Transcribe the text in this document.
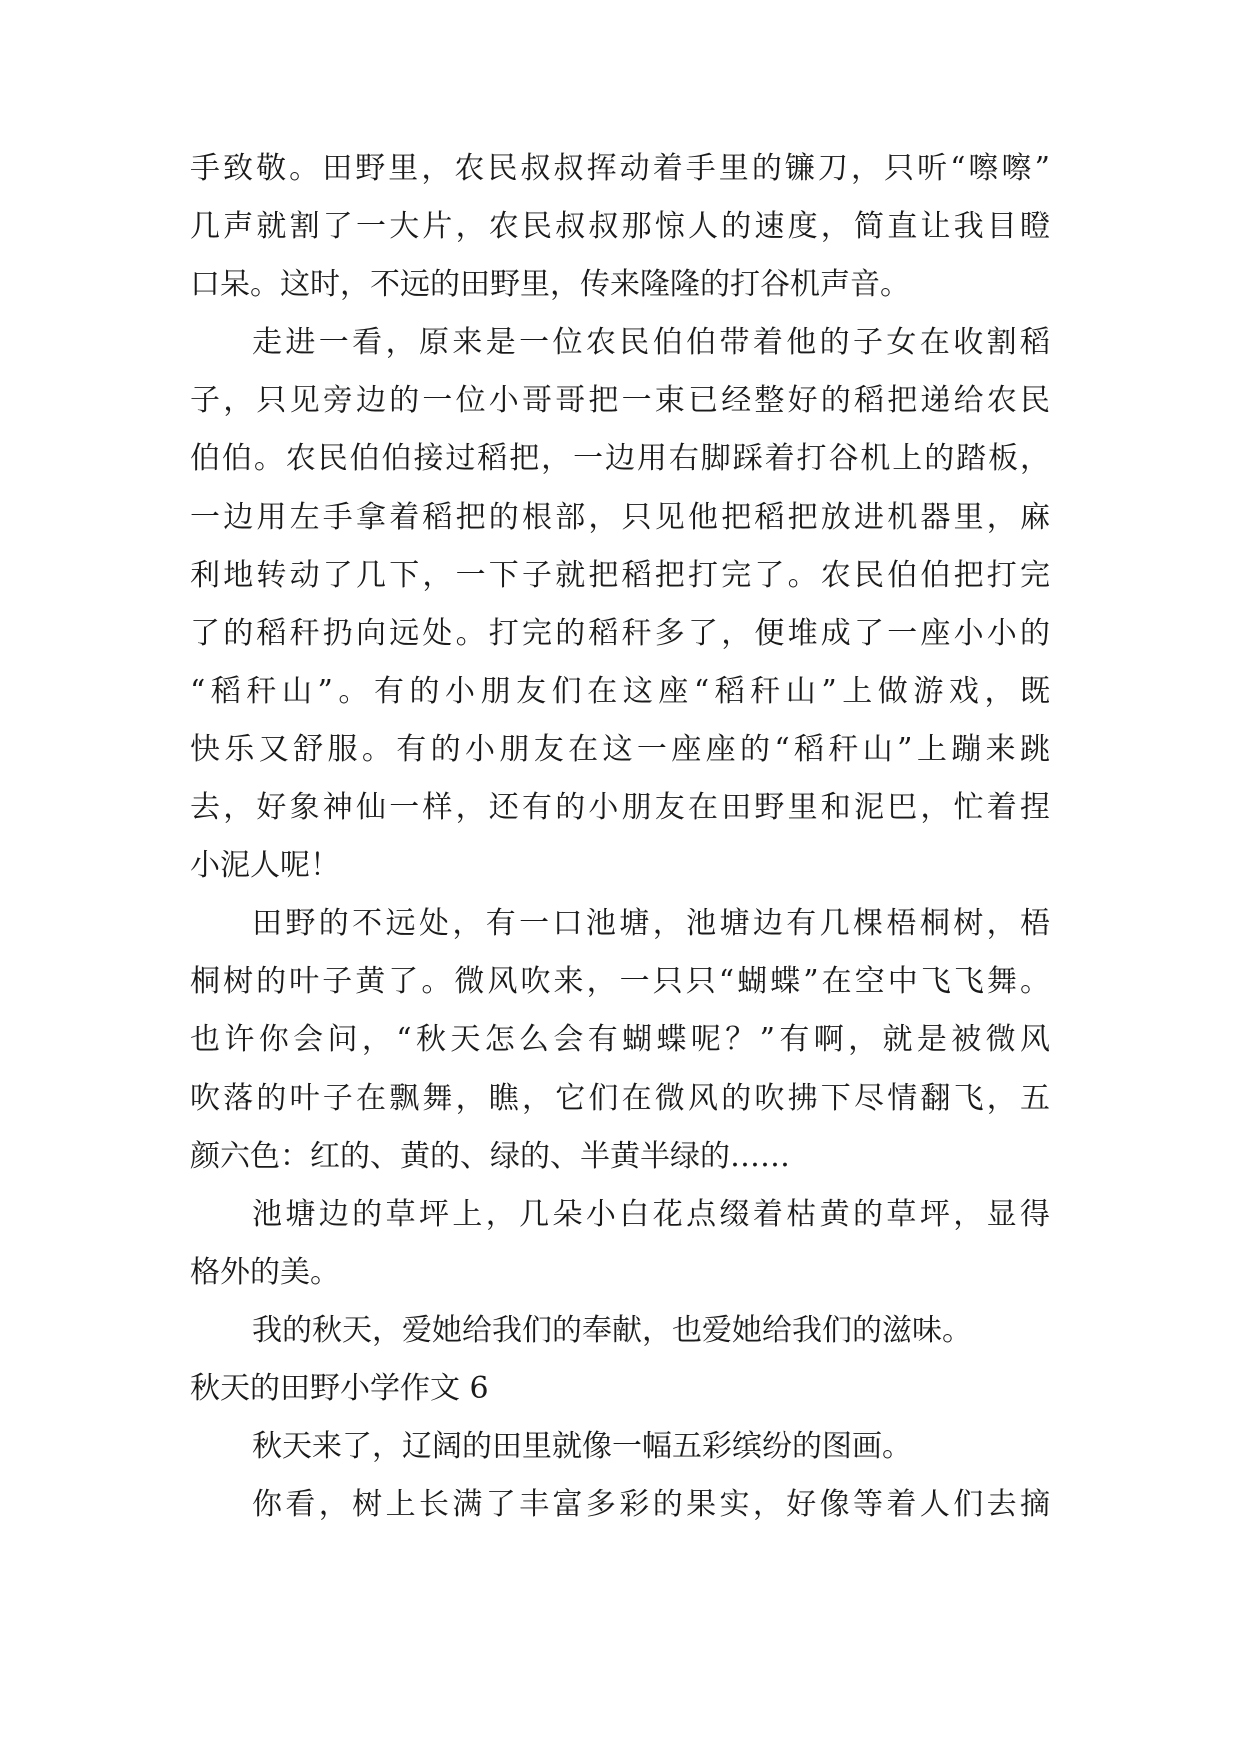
手致敬。田野里，农民叔叔挥动着手里的镰刀，只听“嚓嚓”
几声就割了一大片，农民叔叔那惊人的速度，简直让我目瞪
口呆。这时，不远的田野里，传来隆隆的打谷机声音。
走进一看，原来是一位农民伯伯带着他的子女在收割稻
子，只见旁边的一位小哥哥把一束已经整好的稻把递给农民
伯伯。农民伯伯接过稻把，一边用右脚踩着打谷机上的踏板，
一边用左手拿着稻把的根部，只见他把稻把放进机器里，麻
利地转动了几下，一下子就把稻把打完了。农民伯伯把打完
了的稻秆扔向远处。打完的稻秆多了，便堆成了一座小小的
“稻秆山”。有的小朋友们在这座“稻秆山”上做游戏，既
快乐又舒服。有的小朋友在这一座座的“稻秆山”上蹦来跳
去，好象神仙一样，还有的小朋友在田野里和泥巴，忙着捏
小泥人呢！
田野的不远处，有一口池塘，池塘边有几棵梧桐树，梧
桐树的叶子黄了。微风吹来，一只只“蝴蝶”在空中飞飞舞。
也许你会问，“秋天怎么会有蝴蝶呢？”有啊，就是被微风
吹落的叶子在飘舞，瞧，它们在微风的吹拂下尽情翻飞，五
颜六色：红的、黄的、绿的、半黄半绿的……
池塘边的草坪上，几朵小白花点缀着枯黄的草坪，显得
格外的美。
我的秋天，爱她给我们的奉献，也爱她给我们的滋味。
秋天的田野小学作文 6
秋天来了，辽阔的田里就像一幅五彩缤纷的图画。
你看，树上长满了丰富多彩的果实，好像等着人们去摘
